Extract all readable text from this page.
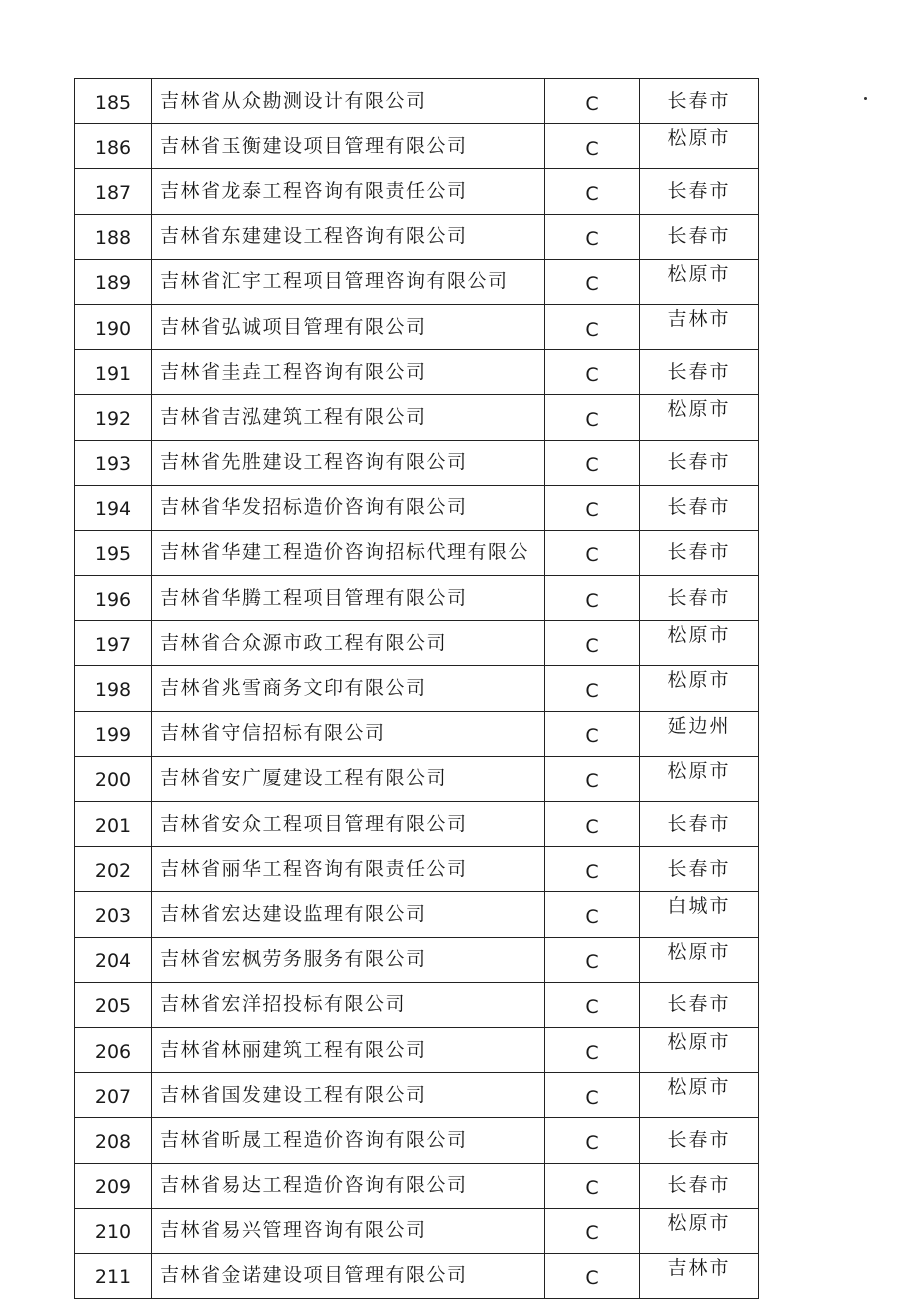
185	吉林省从众勘测设计有限公司	C	长春市
186	吉林省玉衡建设项目管理有限公司	C	松原市
187	吉林省龙泰工程咨询有限责任公司	C	长春市
188	吉林省东建建设工程咨询有限公司	C	长春市
189	吉林省汇宇工程项目管理咨询有限公司	C	松原市
190	吉林省弘诚项目管理有限公司	C	吉林市
191	吉林省圭垚工程咨询有限公司	C	长春市
192	吉林省吉泓建筑工程有限公司	C	松原市
193	吉林省先胜建设工程咨询有限公司	C	长春市
194	吉林省华发招标造价咨询有限公司	C	长春市
195	吉林省华建工程造价咨询招标代理有限公	C	长春市
196	吉林省华腾工程项目管理有限公司	C	长春市
197	吉林省合众源市政工程有限公司	C	松原市
198	吉林省兆雪商务文印有限公司	C	松原市
199	吉林省守信招标有限公司	C	延边州
200	吉林省安广厦建设工程有限公司	C	松原市
201	吉林省安众工程项目管理有限公司	C	长春市
202	吉林省丽华工程咨询有限责任公司	C	长春市
203	吉林省宏达建设监理有限公司	C	白城市
204	吉林省宏枫劳务服务有限公司	C	松原市
205	吉林省宏洋招投标有限公司	C	长春市
206	吉林省林丽建筑工程有限公司	C	松原市
207	吉林省国发建设工程有限公司	C	松原市
208	吉林省昕晟工程造价咨询有限公司	C	长春市
209	吉林省易达工程造价咨询有限公司	C	长春市
210	吉林省易兴管理咨询有限公司	C	松原市
211	吉林省金诺建设项目管理有限公司	C	吉林市
